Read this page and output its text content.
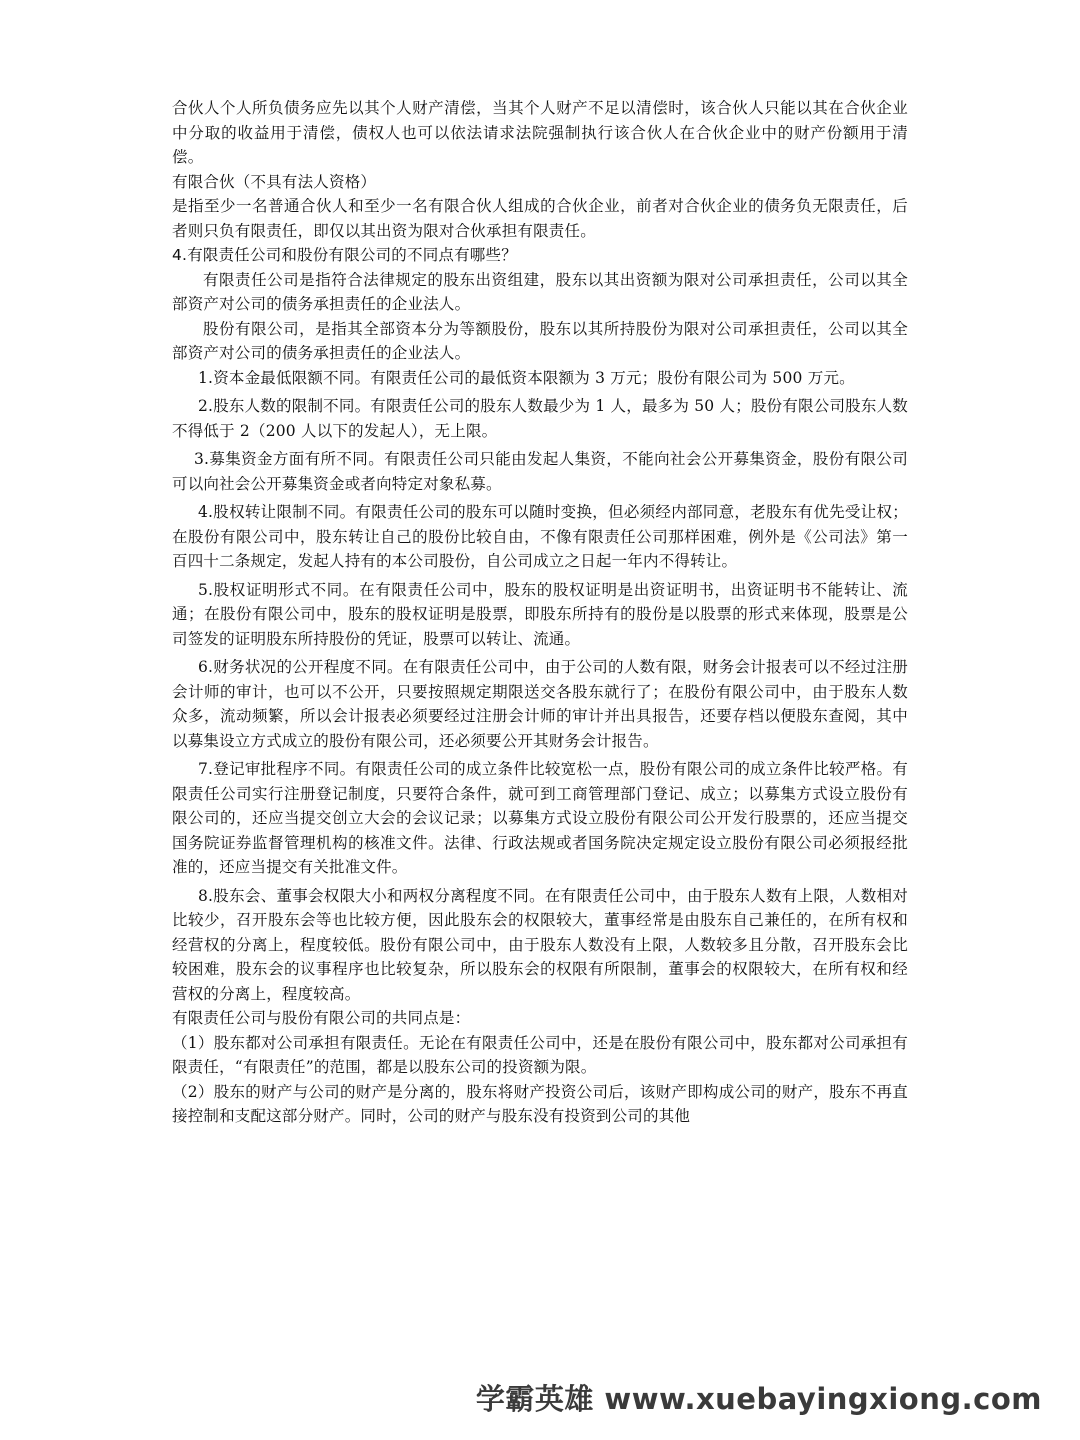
合伙人个人所负债务应先以其个人财产清偿，当其个人财产不足以清偿时，该合伙人只能以其在合伙企业中分取的收益用于清偿，债权人也可以依法请求法院强制执行该合伙人在合伙企业中的财产份额用于清偿。

有限合伙（不具有法人资格）

是指至少一名普通合伙人和至少一名有限合伙人组成的合伙企业，前者对合伙企业的债务负无限责任，后者则只负有限责任，即仅以其出资为限对合伙承担有限责任。

4.有限责任公司和股份有限公司的不同点有哪些？

有限责任公司是指符合法律规定的股东出资组建，股东以其出资额为限对公司承担责任，公司以其全部资产对公司的债务承担责任的企业法人。

股份有限公司，是指其全部资本分为等额股份，股东以其所持股份为限对公司承担责任，公司以其全部资产对公司的债务承担责任的企业法人。

1.资本金最低限额不同。有限责任公司的最低资本限额为 3 万元；股份有限公司为 500 万元。

2.股东人数的限制不同。有限责任公司的股东人数最少为 1 人，最多为 50 人；股份有限公司股东人数不得低于 2（200 人以下的发起人），无上限。

3.募集资金方面有所不同。有限责任公司只能由发起人集资，不能向社会公开募集资金，股份有限公司可以向社会公开募集资金或者向特定对象私募。

4.股权转让限制不同。有限责任公司的股东可以随时变换，但必须经内部同意，老股东有优先受让权；在股份有限公司中，股东转让自己的股份比较自由，不像有限责任公司那样困难，例外是《公司法》第一百四十二条规定，发起人持有的本公司股份，自公司成立之日起一年内不得转让。

5.股权证明形式不同。在有限责任公司中，股东的股权证明是出资证明书，出资证明书不能转让、流通；在股份有限公司中，股东的股权证明是股票，即股东所持有的股份是以股票的形式来体现，股票是公司签发的证明股东所持股份的凭证，股票可以转让、流通。

6.财务状况的公开程度不同。在有限责任公司中，由于公司的人数有限，财务会计报表可以不经过注册会计师的审计，也可以不公开，只要按照规定期限送交各股东就行了；在股份有限公司中，由于股东人数众多，流动频繁，所以会计报表必须要经过注册会计师的审计并出具报告，还要存档以便股东查阅，其中以募集设立方式成立的股份有限公司，还必须要公开其财务会计报告。

7.登记审批程序不同。有限责任公司的成立条件比较宽松一点，股份有限公司的成立条件比较严格。有限责任公司实行注册登记制度，只要符合条件，就可到工商管理部门登记、成立；以募集方式设立股份有限公司的，还应当提交创立大会的会议记录；以募集方式设立股份有限公司公开发行股票的，还应当提交国务院证券监督管理机构的核准文件。法律、行政法规或者国务院决定规定设立股份有限公司必须报经批准的，还应当提交有关批准文件。

8.股东会、董事会权限大小和两权分离程度不同。在有限责任公司中，由于股东人数有上限，人数相对比较少，召开股东会等也比较方便，因此股东会的权限较大，董事经常是由股东自己兼任的，在所有权和经营权的分离上，程度较低。股份有限公司中，由于股东人数没有上限，人数较多且分散，召开股东会比较困难，股东会的议事程序也比较复杂，所以股东会的权限有所限制，董事会的权限较大，在所有权和经营权的分离上，程度较高。

有限责任公司与股份有限公司的共同点是：

（1）股东都对公司承担有限责任。无论在有限责任公司中，还是在股份有限公司中，股东都对公司承担有限责任，“有限责任”的范围，都是以股东公司的投资额为限。

（2）股东的财产与公司的财产是分离的，股东将财产投资公司后，该财产即构成公司的财产，股东不再直接控制和支配这部分财产。同时，公司的财产与股东没有投资到公司的其他

学霸英雄 www.xuebayingxiong.com
